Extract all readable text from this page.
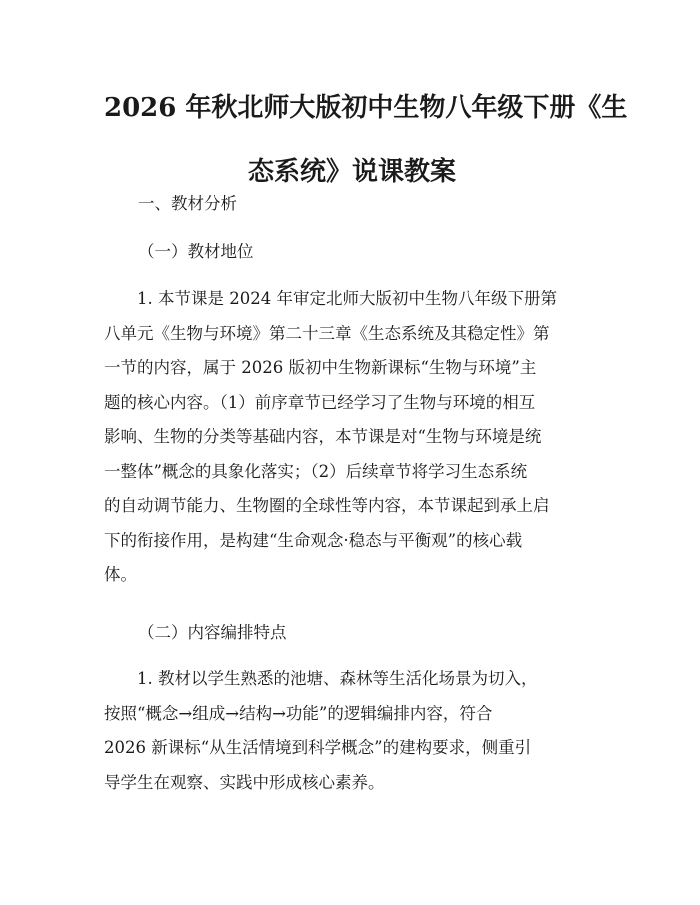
2026 年秋北师大版初中生物八年级下册《生
态系统》说课教案
一、教材分析
（一）教材地位
1. 本节课是 2024 年审定北师大版初中生物八年级下册第
八单元《生物与环境》第二十三章《生态系统及其稳定性》第
一节的内容，属于 2026 版初中生物新课标“生物与环境”主
题的核心内容。（1）前序章节已经学习了生物与环境的相互
影响、生物的分类等基础内容，本节课是对“生物与环境是统
一整体”概念的具象化落实；（2）后续章节将学习生态系统
的自动调节能力、生物圈的全球性等内容，本节课起到承上启
下的衔接作用，是构建“生命观念·稳态与平衡观”的核心载
体。
（二）内容编排特点
1. 教材以学生熟悉的池塘、森林等生活化场景为切入，
按照“概念→组成→结构→功能”的逻辑编排内容，符合
2026 新课标“从生活情境到科学概念”的建构要求，侧重引
导学生在观察、实践中形成核心素养。
